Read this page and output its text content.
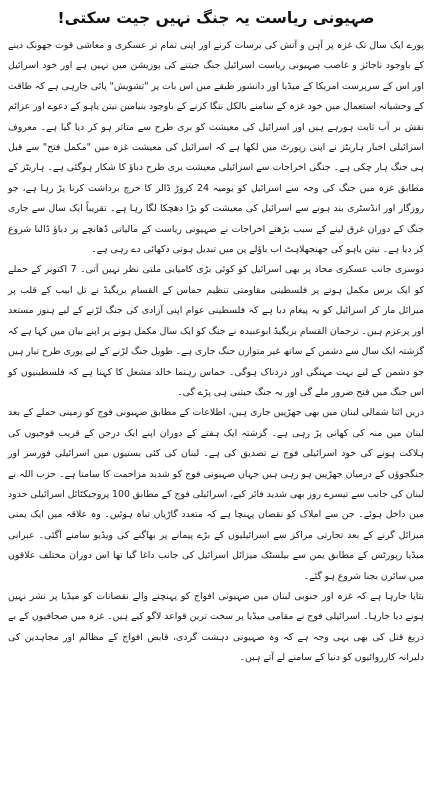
صہیونی ریاست یہ جنگ نہیں جیت سکتی!

پورے ایک سال تک غزہ پر آہن و آتش کی برسات کرنے اور اپنی تمام تر عسکری و معاشی قوت جھونک دینے کے باوجود ناجائز و غاصب صہیونی ریاست اسرائیل جنگ جیتنے کی پوزیشن میں نہیں ہے اور خود اسرائیل اور اس کے سرپرست امریکا کے میڈیا اور دانشور طبقے میں اس بات پر "تشویش" پائی جارہی ہے کہ طاقت کے وحشیانہ استعمال میں خود غزہ کے سامنے بالکل ننگا کرنے کے باوجود بنیامین نیتن یاہو کے دعوے اور عزائم نقش بر آب ثابت ہورہے ہیں اور اسرائیل کی معیشت کو بری طرح سے متاثر ہو کر دیا گیا ہے۔ معروف اسرائیلی اخبار ہاریٹز نے اپنی رپورٹ میں لکھا ہے کہ اسرائیل کی معیشت غزہ میں "مکمل فتح" سے قبل ہی جنگ ہار چکی ہے۔ جنگی اخراجات سے اسرائیلی معیشت بری طرح دباؤ کا شکار ہوگئی ہے۔ ہاریٹز کے مطابق غزہ میں جنگ کی وجہ سے اسرائیل کو یومیہ 24 کروڑ ڈالر کا خرچ برداشت کرنا پڑ رہا ہے، جو روزگار اور انڈسٹری بند ہونے سے اسرائیل کی معیشت کو بڑا دھچکا لگا رہا ہے۔ تقریباً ایک سال سے جاری جنگ کے دوران غرق لینے کے سبب بڑھتے اخراجات نے صہیونی ریاست کے مالیاتی ڈھانچے پر دباؤ ڈالنا شروع کر دیا ہے۔ نیتن یاہو کی جھنجھلاہٹ اب باؤلے پن میں تبدیل ہوتی دکھائی دے رہی ہے۔

دوسری جانب عسکری محاذ پر بھی اسرائیل کو کوئی بڑی کامیابی ملتی نظر نہیں آتی۔ 7 اکتوبر کے حملے کو ایک برس مکمل ہونے پر فلسطینی مقاومتی تنظیم حماس کے القسام بریگیڈ نے تل ابیب کے قلب پر میزائل مار کر اسرائیل کو یہ پیغام دیا ہے کہ فلسطینی عوام اپنی آزادی کی جنگ لڑنے کے لیے ہنوز مستعد اور پرعزم ہیں۔ ترجمان القسام بریگیڈ ابوعبیدہ نے جنگ کو ایک سال مکمل ہونے پر اپنے بیان میں کہا ہے کہ گزشتہ ایک سال سے دشمن کے ساتھ غیر متوازن جنگ جاری ہے۔ طویل جنگ لڑنے کے لیے پوری طرح تیار ہیں جو دشمن کے لیے بہت مہنگی اور دردناک ہوگی۔ حماس رہنما خالد مشعل کا کہنا ہے کہ فلسطینیوں کو اس جنگ میں فتح ضرور ملے گی اور یہ جنگ جیتنی ہی پڑے گی۔

دریں اثنا شمالی لبنان میں بھی جھڑپیں جاری ہیں، اطلاعات کے مطابق صہیونی فوج کو زمینی حملے کے بعد لبنان میں منہ کی کھانی پڑ رہی ہے۔ گزشتہ ایک ہفتے کے دوران اپنے ایک درجن کے قریب فوجیوں کی ہلاکت ہونے کی خود اسرائیلی فوج نے تصدیق کی ہے۔ لبنان کی کئی بستیوں میں اسرائیلی فورسز اور جنگجوؤں کے درمیان جھڑپیں ہو رہی ہیں جہاں صہیونی فوج کو شدید مزاحمت کا سامنا ہے۔ حزب اللہ نے لبنان کی جانب سے تیسرے روز بھی شدید فائر کیے، اسرائیلی فوج کے مطابق 100 پروجیکٹائل اسرائیلی حدود میں داخل ہوئے۔ جن سے املاک کو نقصان پہنچا ہے کہ متعدد گاڑیاں تباہ ہوئیں۔ وہ علاقہ میں ایک یمنی میزائل گرنے کے بعد تجارتی مراکز سے اسرائیلیوں کے بڑے پیمانے پر بھاگنے کی ویڈیو سامنے آگئی۔ عبرانی میڈیا رپورٹس کے مطابق یمن سے بیلسٹک میزائل اسرائیل کی جانب داغا گیا تھا اس دوران مختلف علاقوں میں سائرن بجنا شروع ہو گئے۔

بتایا جارہا ہے کہ غزہ اور جنوبی لبنان میں صہیونی افواج کو پہنچنے والے نقصانات کو میڈیا پر نشر نہیں ہونے دیا جارہا۔ اسرائیلی فوج نے مقامی میڈیا پر سخت ترین قواعد لاگو کیے ہیں۔ غزہ میں صحافیوں کے بے دریغ قتل کی بھی یہی وجہ ہے کہ وہ صہیونی دہشت گردی، قابض افواج کے مظالم اور مجاہدین کی دلیرانہ کارروائیوں کو دنیا کے سامنے لے آتے ہیں۔
